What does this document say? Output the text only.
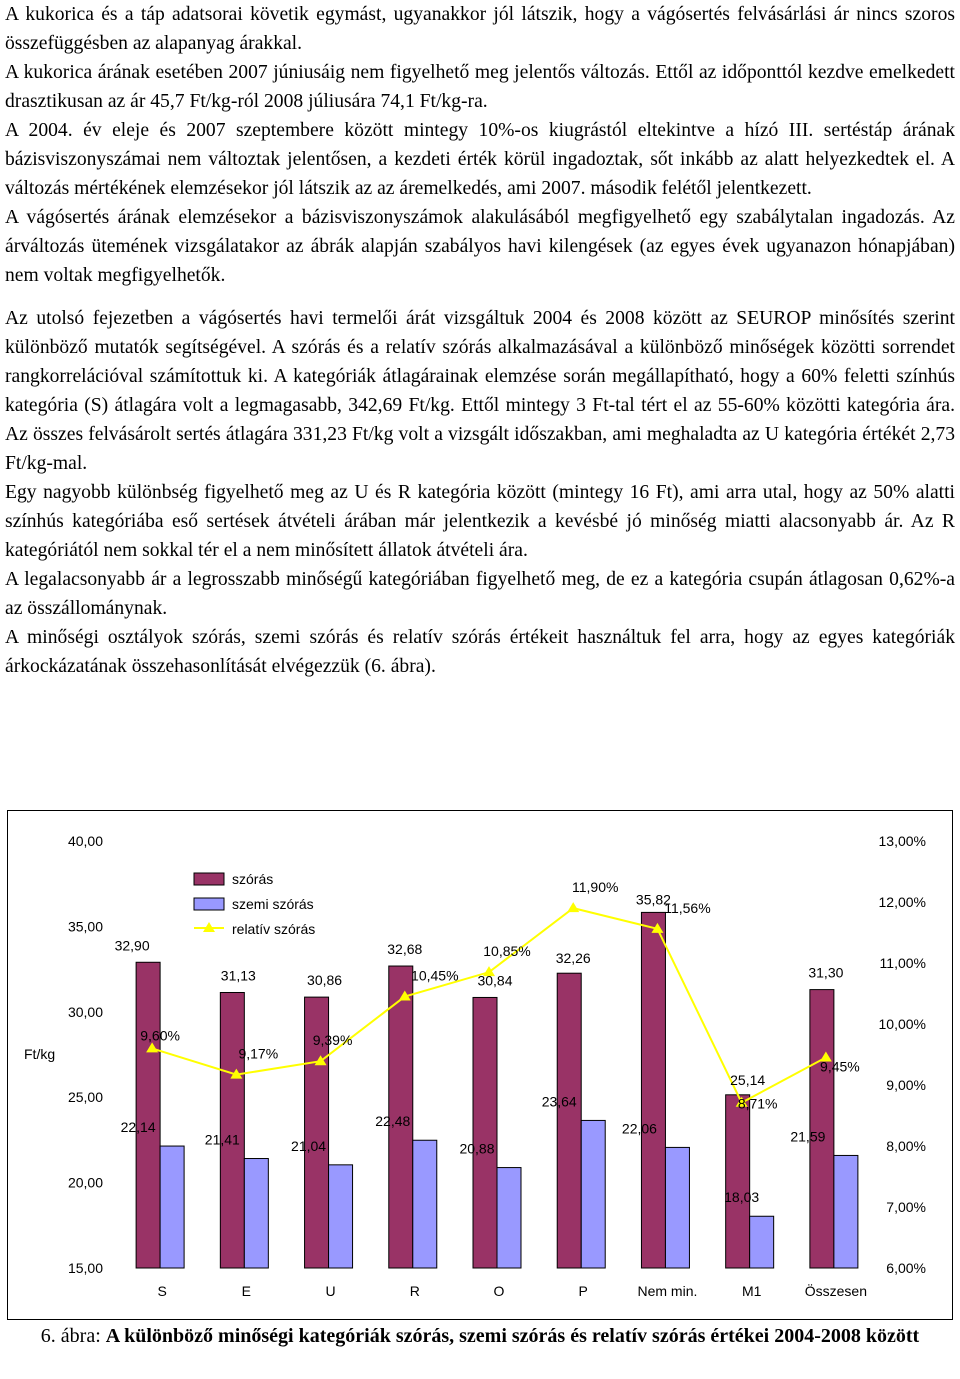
A kukorica és a táp adatsorai követik egymást, ugyanakkor jól látszik, hogy a vágósertés felvásárlási ár nincs szoros összefüggésben az alapanyag árakkal.

A kukorica árának esetében 2007 júniusáig nem figyelhető meg jelentős változás. Ettől az időponttól kezdve emelkedett drasztikusan az ár 45,7 Ft/kg-ról 2008 júliusára 74,1 Ft/kg-ra.

A 2004. év eleje és 2007 szeptembere között mintegy 10%-os kiugrástól eltekintve a hízó III. sertéstáp árának bázisviszonyszámai nem változtak jelentősen, a kezdeti érték körül ingadoztak, sőt inkább az alatt helyezkedtek el. A változás mértékének elemzésekor jól látszik az az áremelkedés, ami 2007. második felétől jelentkezett.

A vágósertés árának elemzésekor a bázisviszonyszámok alakulásából megfigyelhető egy szabálytalan ingadozás. Az árváltozás ütemének vizsgálatakor az ábrák alapján szabályos havi kilengések (az egyes évek ugyanazon hónapjában) nem voltak megfigyelhetők.

Az utolsó fejezetben a vágósertés havi termelői árát vizsgáltuk 2004 és 2008 között az SEUROP minősítés szerint különböző mutatók segítségével. A szórás és a relatív szórás alkalmazásával a különböző minőségek közötti sorrendet rangkorrelációval számítottuk ki. A kategóriák átlagárainak elemzése során megállapítható, hogy a 60% feletti színhús kategória (S) átlagára volt a legmagasabb, 342,69 Ft/kg. Ettől mintegy 3 Ft-tal tért el az 55-60% közötti kategória ára. Az összes felvásárolt sertés átlagára 331,23 Ft/kg volt a vizsgált időszakban, ami meghaladta az U kategória értékét 2,73 Ft/kg-mal.

Egy nagyobb különbség figyelhető meg az U és R kategória között (mintegy 16 Ft), ami arra utal, hogy az 50% alatti színhús kategóriába eső sertések átvételi árában már jelentkezik a kevésbé jó minőség miatti alacsonyabb ár. Az R kategóriától nem sokkal tér el a nem minősített állatok átvételi ára.

A legalacsonyabb ár a legrosszabb minőségű kategóriában figyelhető meg, de ez a kategória csupán átlagosan 0,62%-a az összállománynak.

A minőségi osztályok szórás, szemi szórás és relatív szórás értékeit használtuk fel arra, hogy az egyes kategóriák árkockázatának összehasonlítását elvégezzük (6. ábra).

15,00
20,00
25,00
30,00
35,00
40,00
6,00%
7,00%
8,00%
9,00%
10,00%
11,00%
12,00%
13,00%
Ft/kg
S	E	U	R	O	P	Nem min.	M1	Összesen
32,90
22,14
9,60%
31,13
21,41
9,17%
30,86
21,04
9,39%
32,68
22,48
10,45% 30,84
20,88
10,85% 32,26
23,64
11,90%
35,82
22,06
11,56%
25,14
18,03
8,71%
31,30
21,59
9,45%
szórás
szemi szórás
relatív szórás
6. ábra: A különböző minőségi kategóriák szórás, szemi szórás és relatív szórás értékei 2004-2008 között
